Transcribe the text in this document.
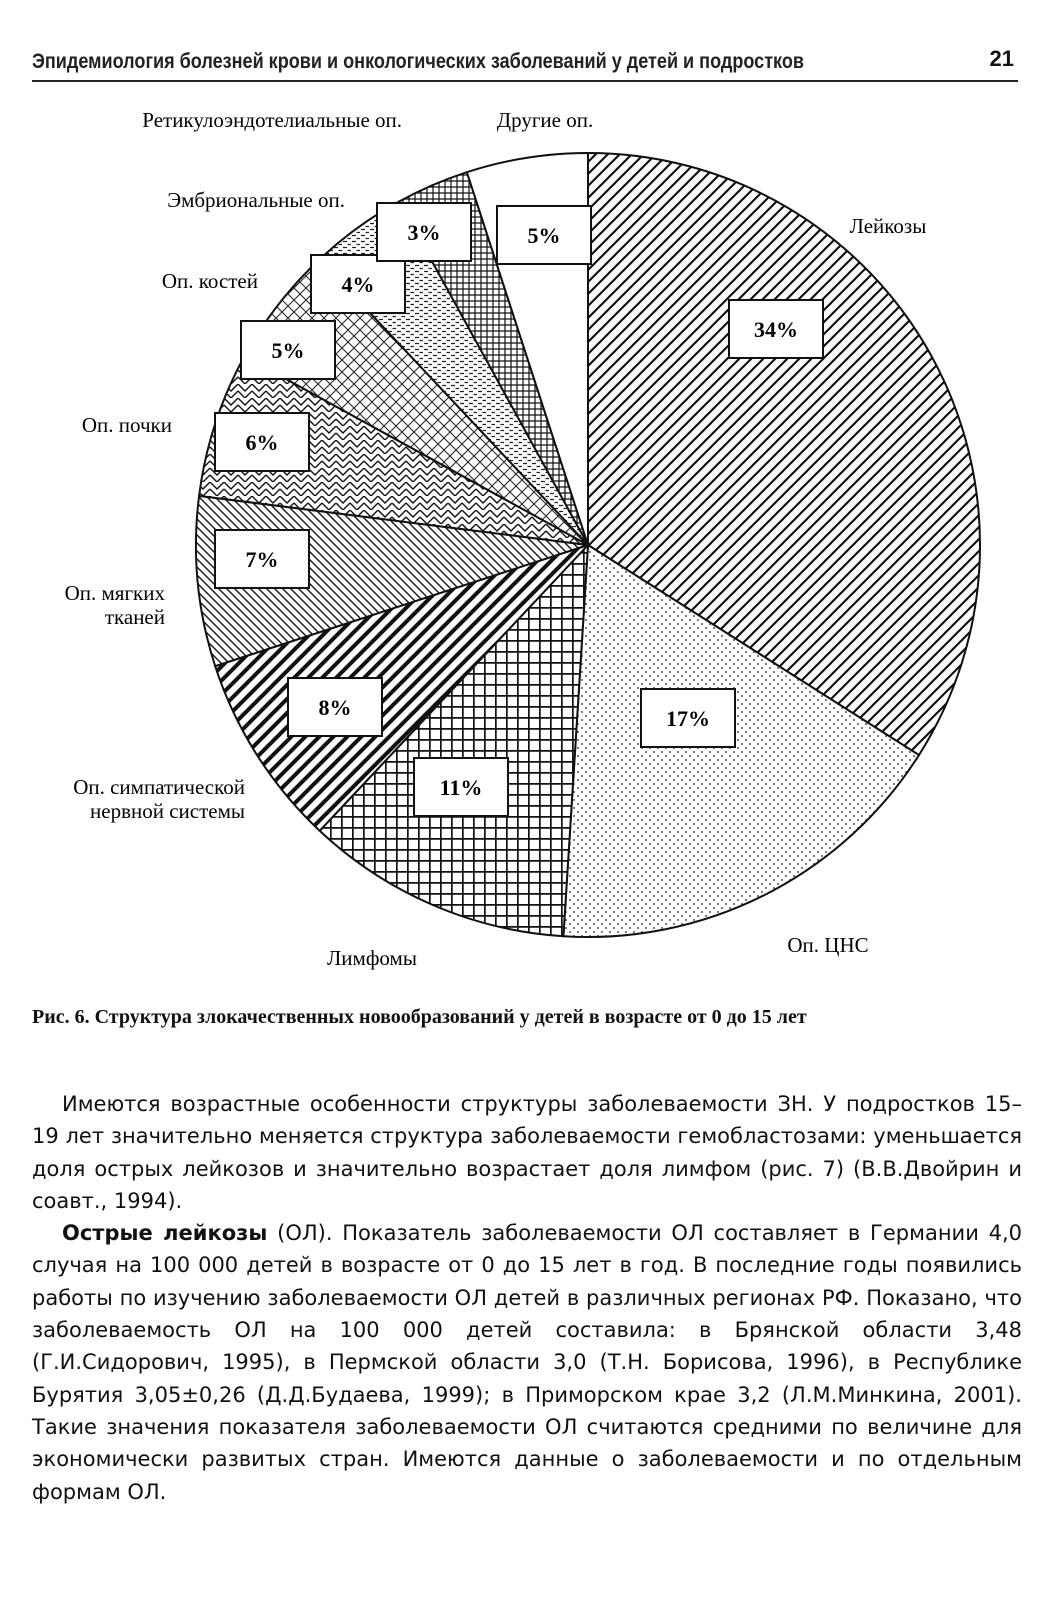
Эпидемиология болезней крови и онкологических заболеваний у детей и подростков	21
34%
17%
11%
8%
7%
6%
5%
4%
3%	5%	Лейкозы
Оп. ЦНС
Лимфомы
Оп. симпатической нервной системы
Оп. мягких тканей
Оп. почки
Оп. костей
Эмбриональные оп.
Ретикулоэндотелиальные оп.	Другие оп.
Рис. 6. Структура злокачественных новообразований у детей в возрасте от 0 до 15 лет

Имеются возрастные особенности структуры заболеваемости ЗН. У подростков 15–19 лет значительно меняется структура заболеваемости гемобластозами: уменьшается доля острых лейкозов и значительно возрастает доля лимфом (рис. 7) (В.В.Двойрин и соавт., 1994).

Острые лейкозы (ОЛ). Показатель заболеваемости ОЛ составляет в Германии 4,0 случая на 100 000 детей в возрасте от 0 до 15 лет в год. В последние годы появились работы по изучению заболеваемости ОЛ детей в различных регионах РФ. Показано, что заболеваемость ОЛ на 100 000 детей составила: в Брянской области 3,48 (Г.И.Сидорович, 1995), в Пермской области 3,0 (Т.Н. Борисова, 1996), в Республике Бурятия 3,05±0,26 (Д.Д.Будаева, 1999); в Приморском крае 3,2 (Л.М.Минкина, 2001). Такие значения показателя заболеваемости ОЛ считаются средними по величине для экономически развитых стран. Имеются данные о заболеваемости и по отдельным формам ОЛ.
